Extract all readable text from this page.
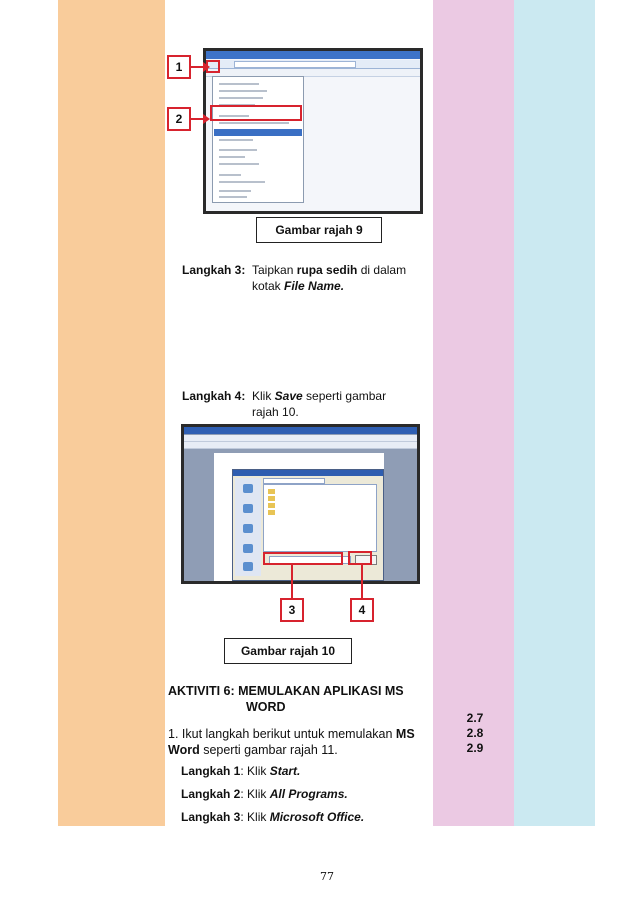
1
2
Gambar rajah 9
Langkah 3: Taipkan rupa sedih di dalam kotak File Name.
Langkah 4: Klik Save seperti gambar rajah 10.
3	4
Gambar rajah 10
AKTIVITI 6: MEMULAKAN APLIKASI MS
WORD
1. Ikut langkah berikut untuk memulakan MS Word seperti gambar rajah 11.
Langkah 1: Klik Start.
Langkah 2: Klik All Programs.
Langkah 3: Klik Microsoft Office.
2.7
2.8
2.9
77
